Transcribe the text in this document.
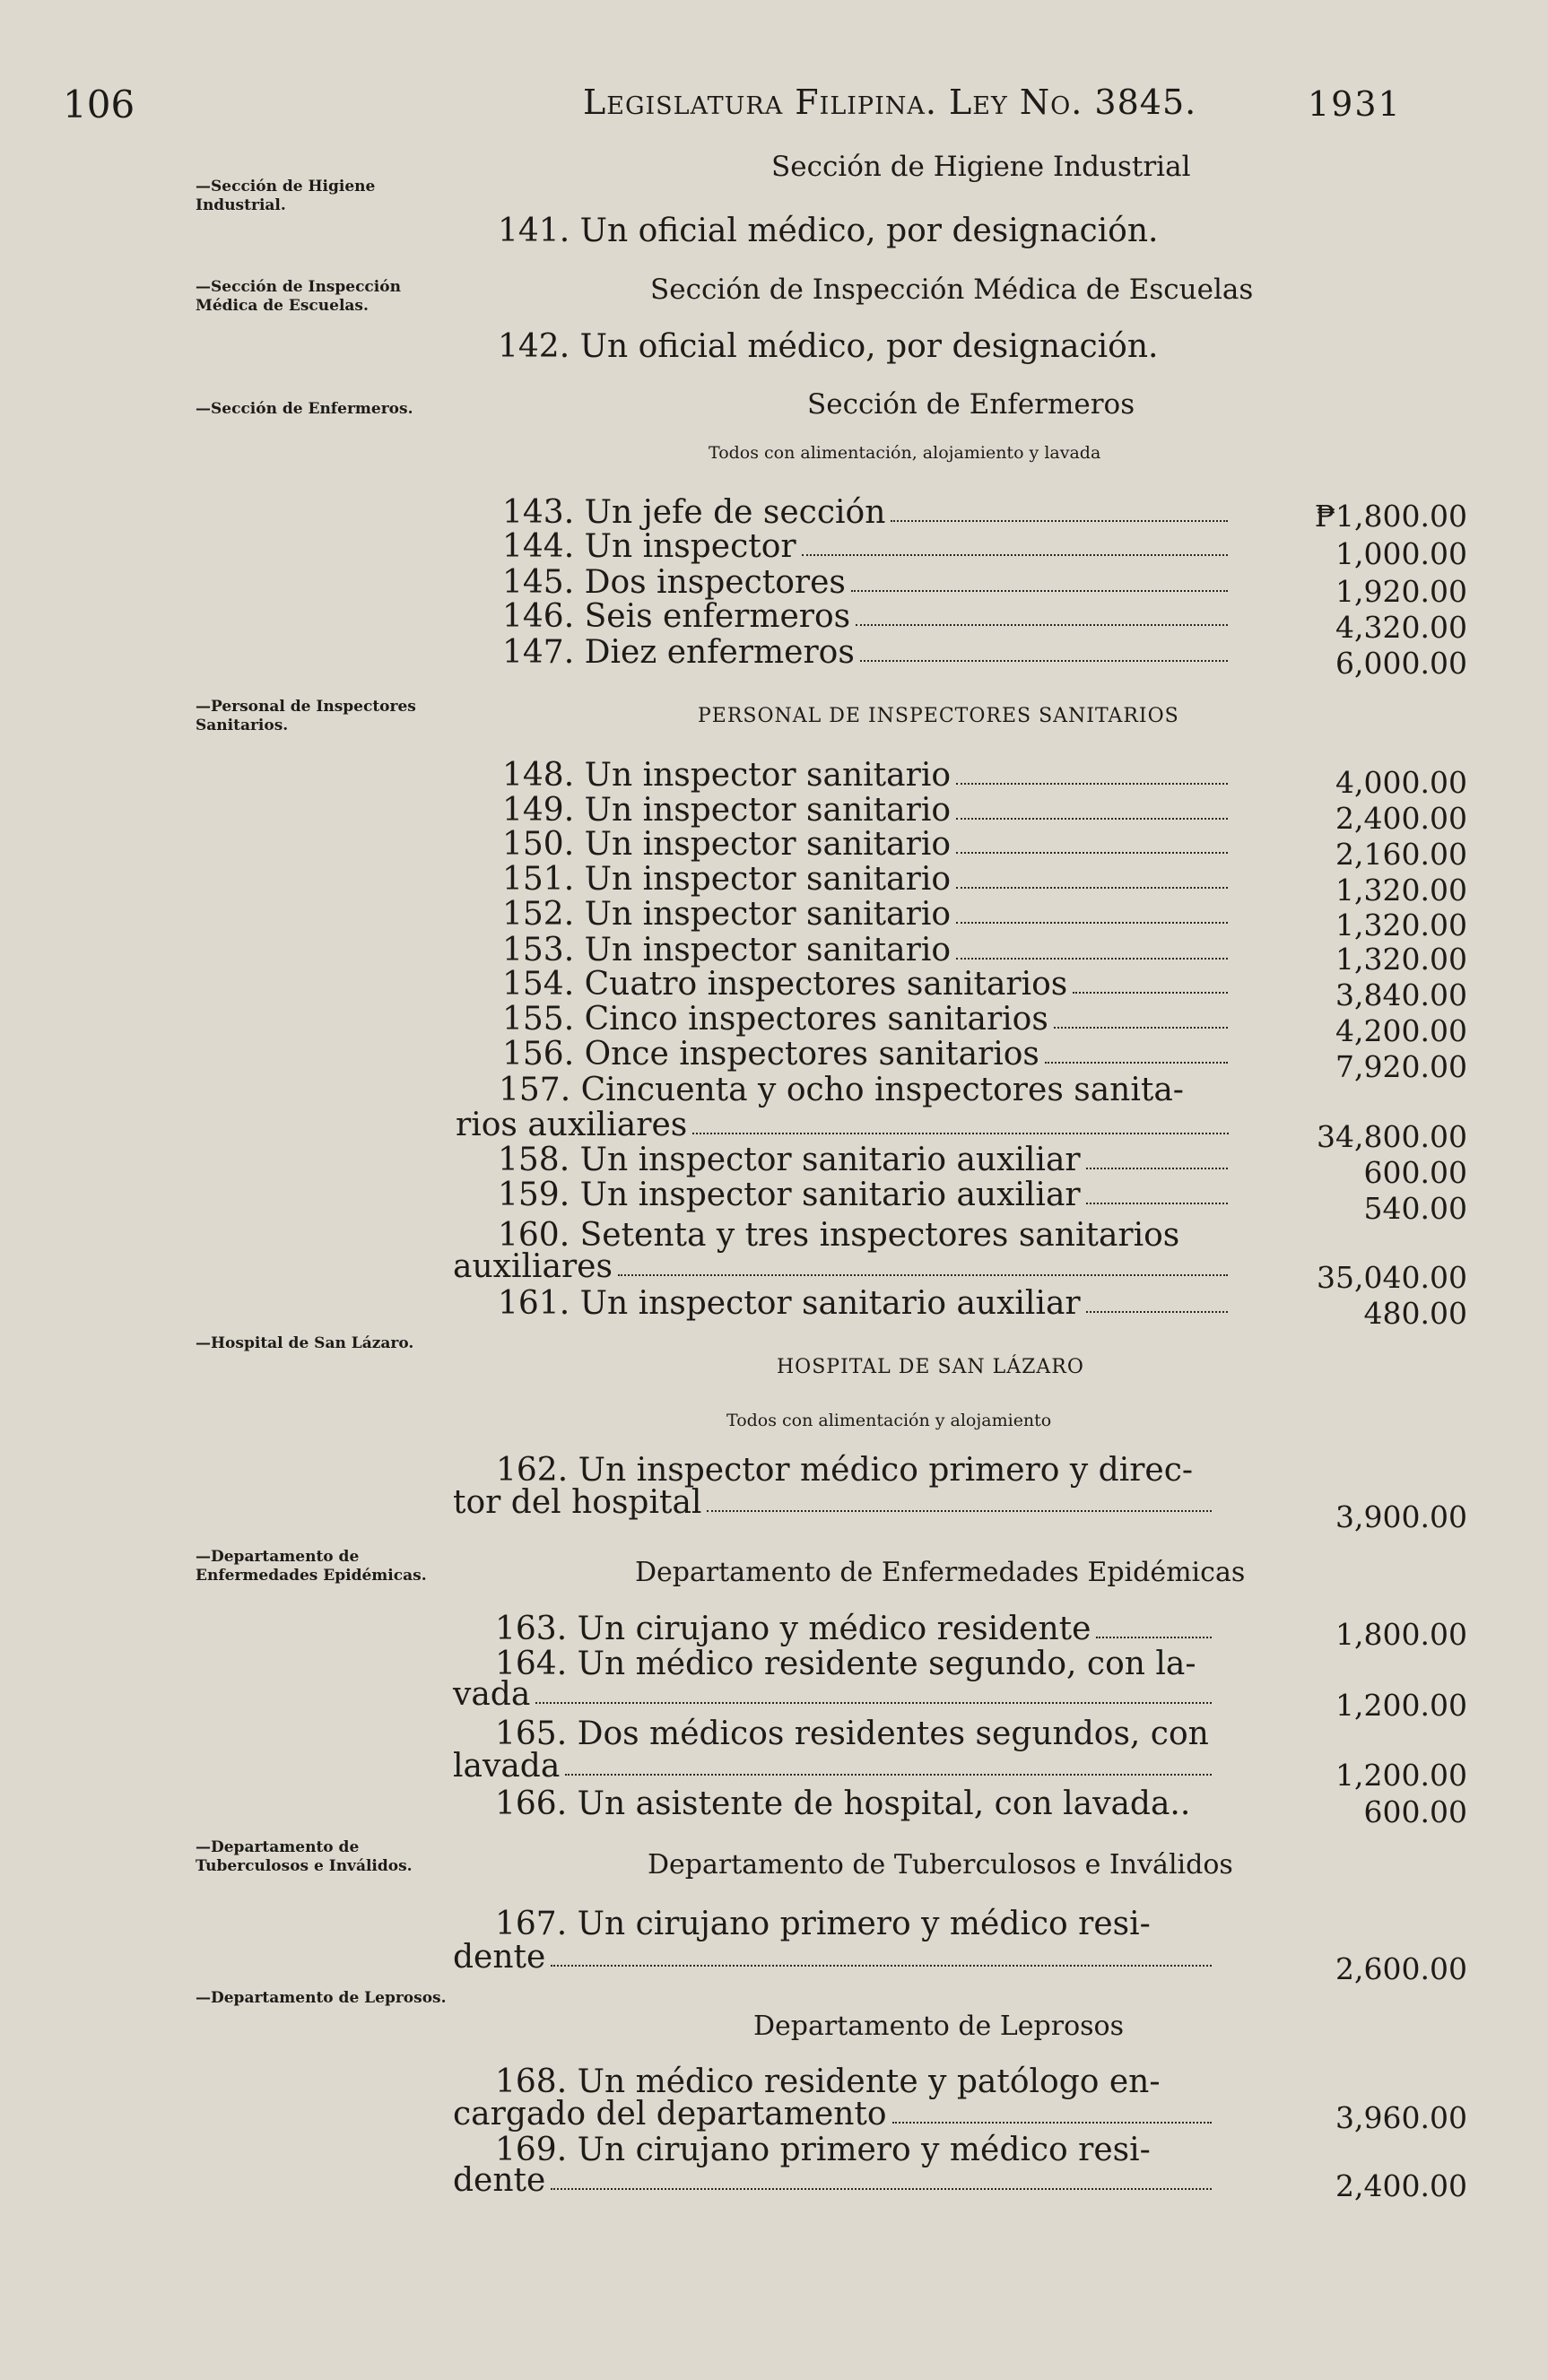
106	Legislatura Filipina. Ley No. 3845.	1931
—Sección de Higiene Industrial.
—Sección de Inspección Médica de Escuelas.
—Sección de Enfermeros.
—Personal de Inspectores Sanitarios.
—Hospital de San Lázaro.
—Departamento de Enfermedades Epidémicas.
—Departamento de Tuberculosos e Inválidos.
—Departamento de Leprosos.
Sección de Higiene Industrial
141. Un oficial médico, por designación.
Sección de Inspección Médica de Escuelas
142. Un oficial médico, por designación.
Sección de Enfermeros
Todos con alimentación, alojamiento y lavada
143. Un jefe de sección	₱1,800.00
144. Un inspector	1,000.00
145. Dos inspectores	1,920.00
146. Seis enfermeros	4,320.00
147. Diez enfermeros	6,000.00
PERSONAL DE INSPECTORES SANITARIOS
148. Un inspector sanitario	4,000.00
149. Un inspector sanitario	2,400.00
150. Un inspector sanitario	2,160.00
151. Un inspector sanitario	1,320.00
152. Un inspector sanitario	1,320.00
153. Un inspector sanitario	1,320.00
154. Cuatro inspectores sanitarios	3,840.00
155. Cinco inspectores sanitarios	4,200.00
156. Once inspectores sanitarios	7,920.00
157. Cincuenta y ocho inspectores sanita-
rios auxiliares	34,800.00
158. Un inspector sanitario auxiliar	600.00
159. Un inspector sanitario auxiliar	540.00
160. Setenta y tres inspectores sanitarios
auxiliares	35,040.00
161. Un inspector sanitario auxiliar	480.00
HOSPITAL DE SAN LÁZARO
Todos con alimentación y alojamiento
162. Un inspector médico primero y direc-
tor del hospital	3,900.00
Departamento de Enfermedades Epidémicas
163. Un cirujano y médico residente	1,800.00
164. Un médico residente segundo, con la-
vada	1,200.00
165. Dos médicos residentes segundos, con
lavada	1,200.00
166. Un asistente de hospital, con lavada..	600.00
Departamento de Tuberculosos e Inválidos
167. Un cirujano primero y médico resi-
dente	2,600.00
Departamento de Leprosos
168. Un médico residente y patólogo en-
cargado del departamento	3,960.00
169. Un cirujano primero y médico resi-
dente	2,400.00
